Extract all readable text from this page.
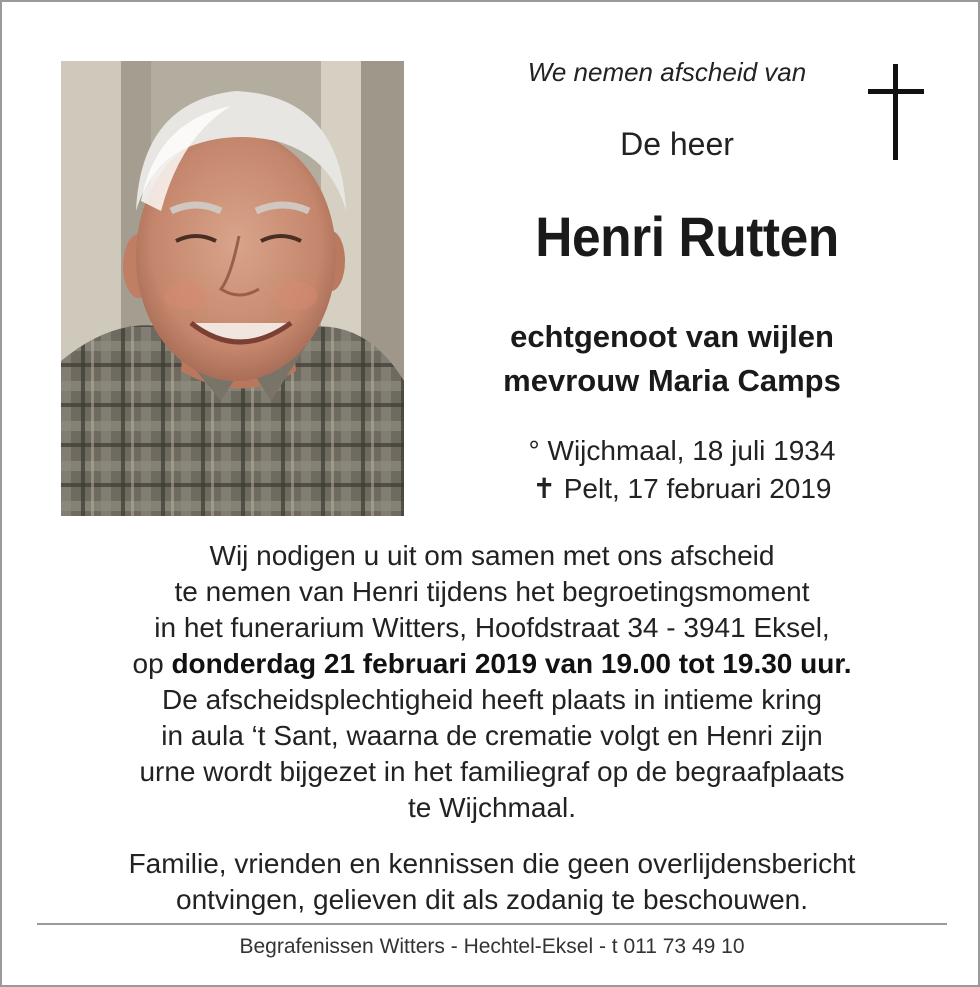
We nemen afscheid van
De heer
Henri Rutten
echtgenoot van wijlen
mevrouw Maria Camps
° Wijchmaal, 18 juli 1934
✝ Pelt, 17 februari 2019
Wij nodigen u uit om samen met ons afscheid
te nemen van Henri tijdens het begroetingsmoment
in het funerarium Witters, Hoofdstraat 34 - 3941 Eksel,
op donderdag 21 februari 2019 van 19.00 tot 19.30 uur.
De afscheidsplechtigheid heeft plaats in intieme kring
in aula ‘t Sant, waarna de crematie volgt en Henri zijn
urne wordt bijgezet in het familiegraf op de begraafplaats
te Wijchmaal.
Familie, vrienden en kennissen die geen overlijdensbericht
ontvingen, gelieven dit als zodanig te beschouwen.
Begrafenissen Witters - Hechtel-Eksel - t 011 73 49 10
